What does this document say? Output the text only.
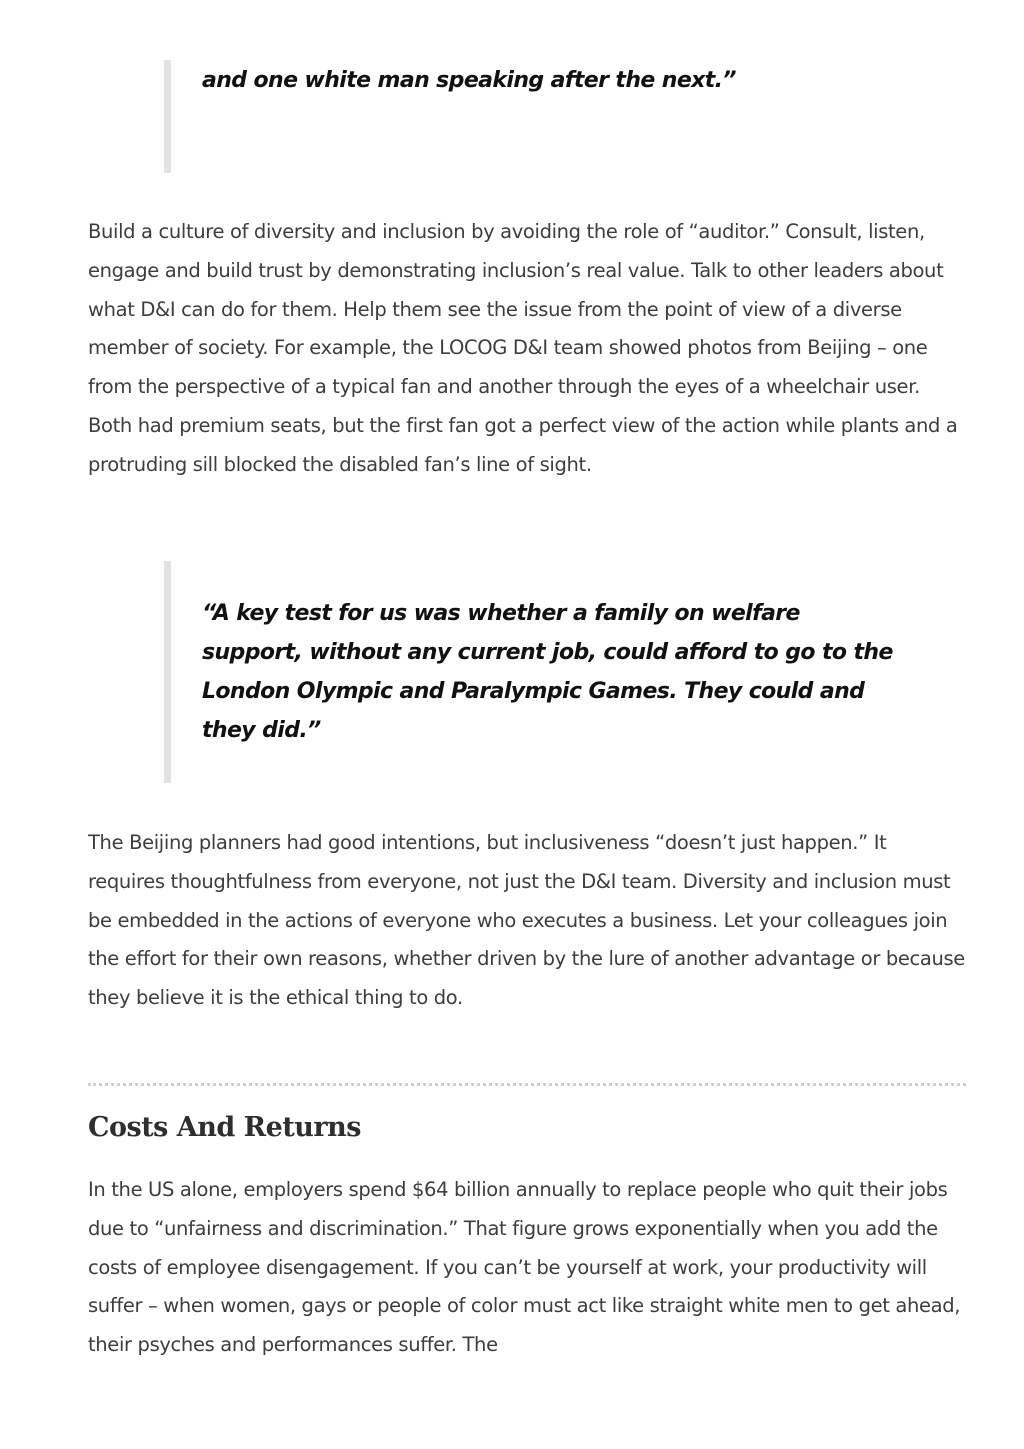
and one white man speaking after the next.”

Build a culture of diversity and inclusion by avoiding the role of “auditor.” Consult, listen, engage and build trust by demonstrating inclusion’s real value. Talk to other leaders about what D&I can do for them. Help them see the issue from the point of view of a diverse member of society. For example, the LOCOG D&I team showed photos from Beijing – one from the perspective of a typical fan and another through the eyes of a wheelchair user. Both had premium seats, but the first fan got a perfect view of the action while plants and a protruding sill blocked the disabled fan’s line of sight.

“A key test for us was whether a family on welfare support, without any current job, could afford to go to the London Olympic and Paralympic Games. They could and they did.”

The Beijing planners had good intentions, but inclusiveness “doesn’t just happen.” It requires thoughtfulness from everyone, not just the D&I team. Diversity and inclusion must be embedded in the actions of everyone who executes a business. Let your colleagues join the effort for their own reasons, whether driven by the lure of another advantage or because they believe it is the ethical thing to do.

Costs And Returns

In the US alone, employers spend $64 billion annually to replace people who quit their jobs due to “unfairness and discrimination.” That figure grows exponentially when you add the costs of employee disengagement. If you can’t be yourself at work, your productivity will suffer – when women, gays or people of color must act like straight white men to get ahead, their psyches and performances suffer. The
